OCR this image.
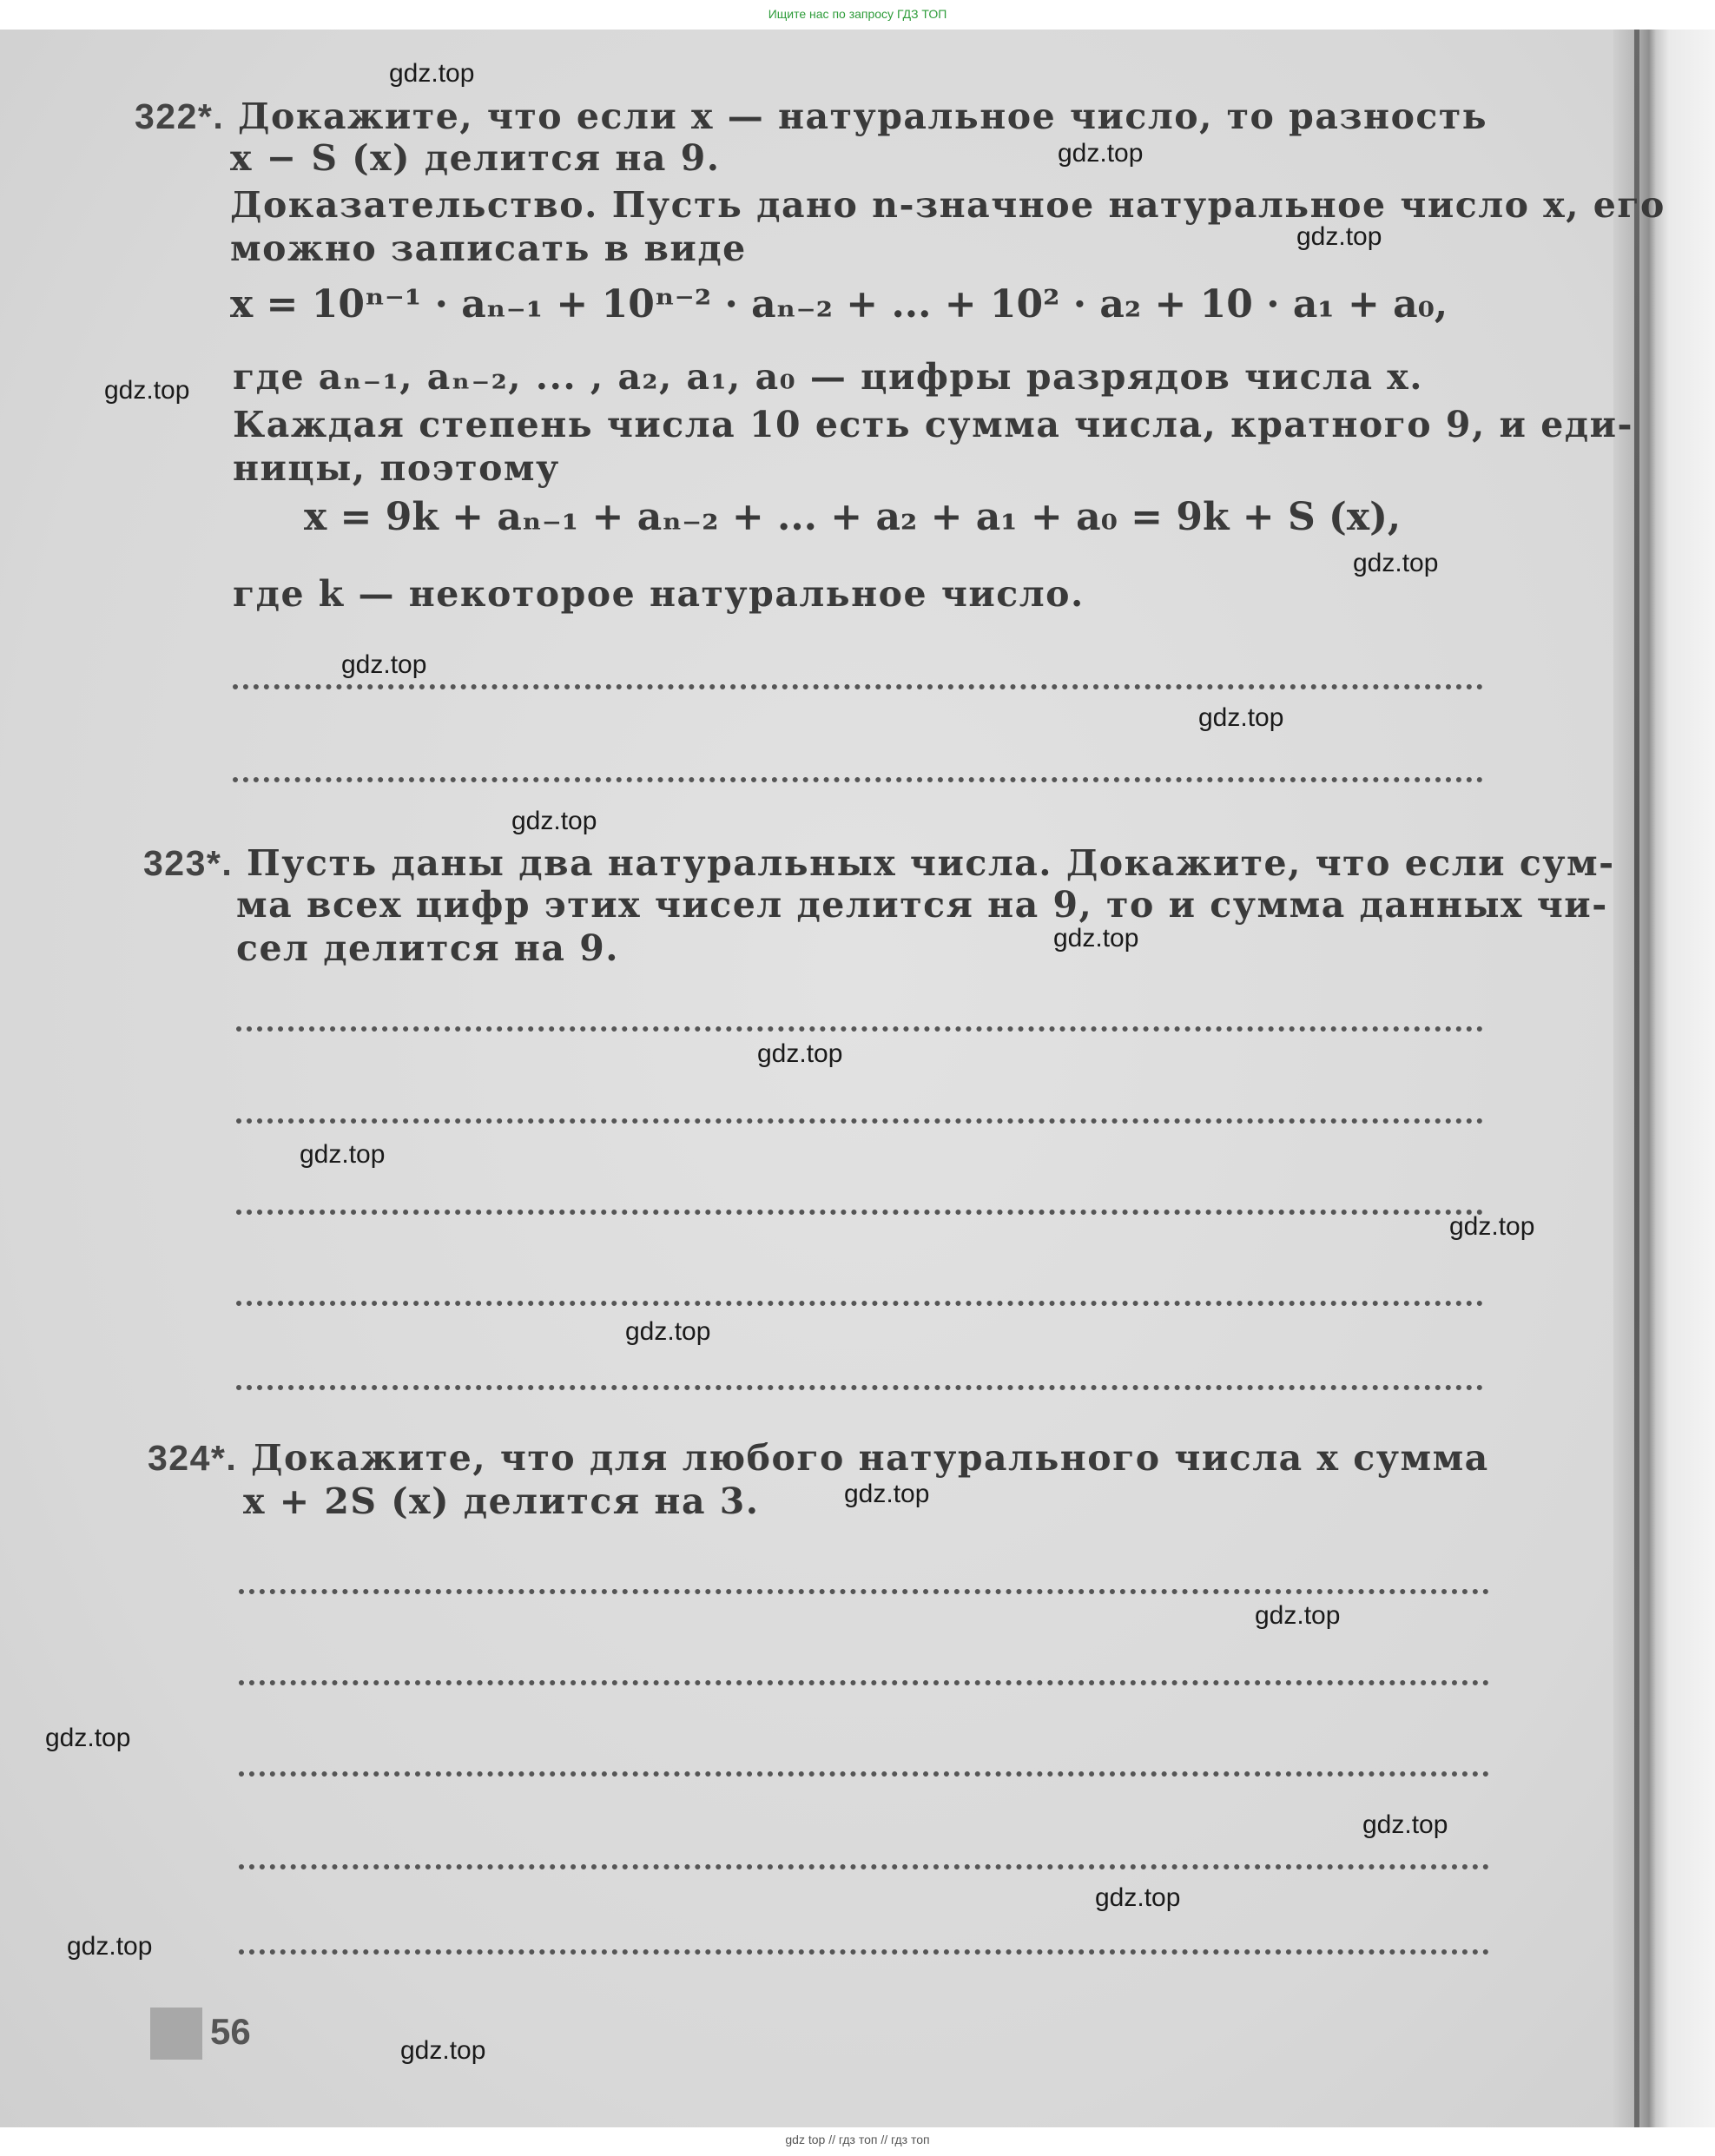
Ищите нас по запросу ГДЗ ТОП
322*. Докажите, что если x — натуральное число, то разность
x − S (x) делится на 9.
Доказательство. Пусть дано n-значное натуральное число x, его
можно записать в виде
x = 10ⁿ⁻¹ · aₙ₋₁ + 10ⁿ⁻² · aₙ₋₂ + ... + 10² · a₂ + 10 · a₁ + a₀,
где aₙ₋₁, aₙ₋₂, ... , a₂, a₁, a₀ — цифры разрядов числа x.
Каждая степень числа 10 есть сумма числа, кратного 9, и еди-
ницы, поэтому
x = 9k + aₙ₋₁ + aₙ₋₂ + ... + a₂ + a₁ + a₀ = 9k + S (x),
где k — некоторое натуральное число.
323*. Пусть даны два натуральных числа. Докажите, что если сум-
ма всех цифр этих чисел делится на 9, то и сумма данных чи-
сел делится на 9.
324*. Докажите, что для любого натурального числа x сумма
x + 2S (x) делится на 3.
56
gdz.top
gdz.top
gdz.top
gdz.top
gdz.top
gdz.top
gdz.top
gdz.top
gdz.top
gdz.top
gdz.top
gdz.top
gdz.top
gdz.top
gdz.top
gdz.top
gdz.top
gdz.top
gdz.top
gdz.top
gdz top // гдз топ // гдз топ
